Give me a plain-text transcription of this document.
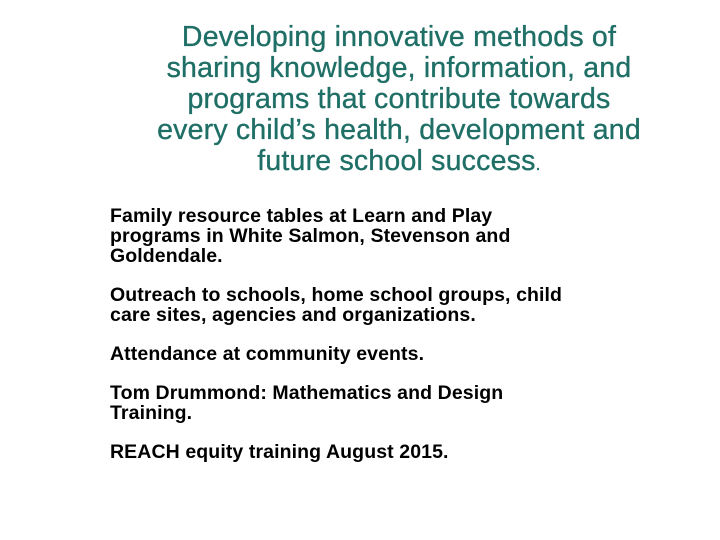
Developing innovative methods of
sharing knowledge, information, and
programs that contribute towards
every child’s health, development and
future school success.
Family resource tables at Learn and Play
programs in White Salmon, Stevenson and
Goldendale.
Outreach to schools, home school groups, child
care sites, agencies and organizations.
Attendance at community events.
Tom Drummond: Mathematics and Design
Training.
REACH equity training August 2015.
